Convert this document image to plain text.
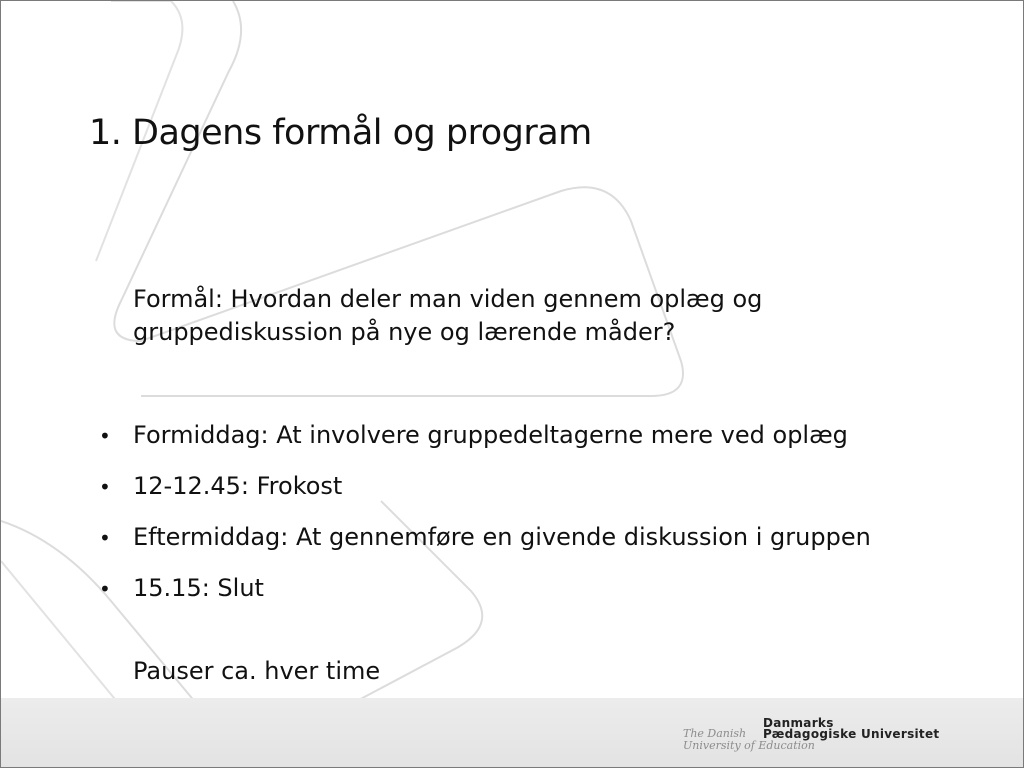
1. Dagens formål og program
Formål: Hvordan deler man viden gennem oplæg og
gruppediskussion på nye og lærende måder?
• Formiddag: At involvere gruppedeltagerne mere ved oplæg
• 12-12.45: Frokost
• Eftermiddag: At gennemføre en givende diskussion i gruppen
• 15.15: Slut
Pauser ca. hver time
The Danish
University of Education
Danmarks
Pædagogiske Universitet
